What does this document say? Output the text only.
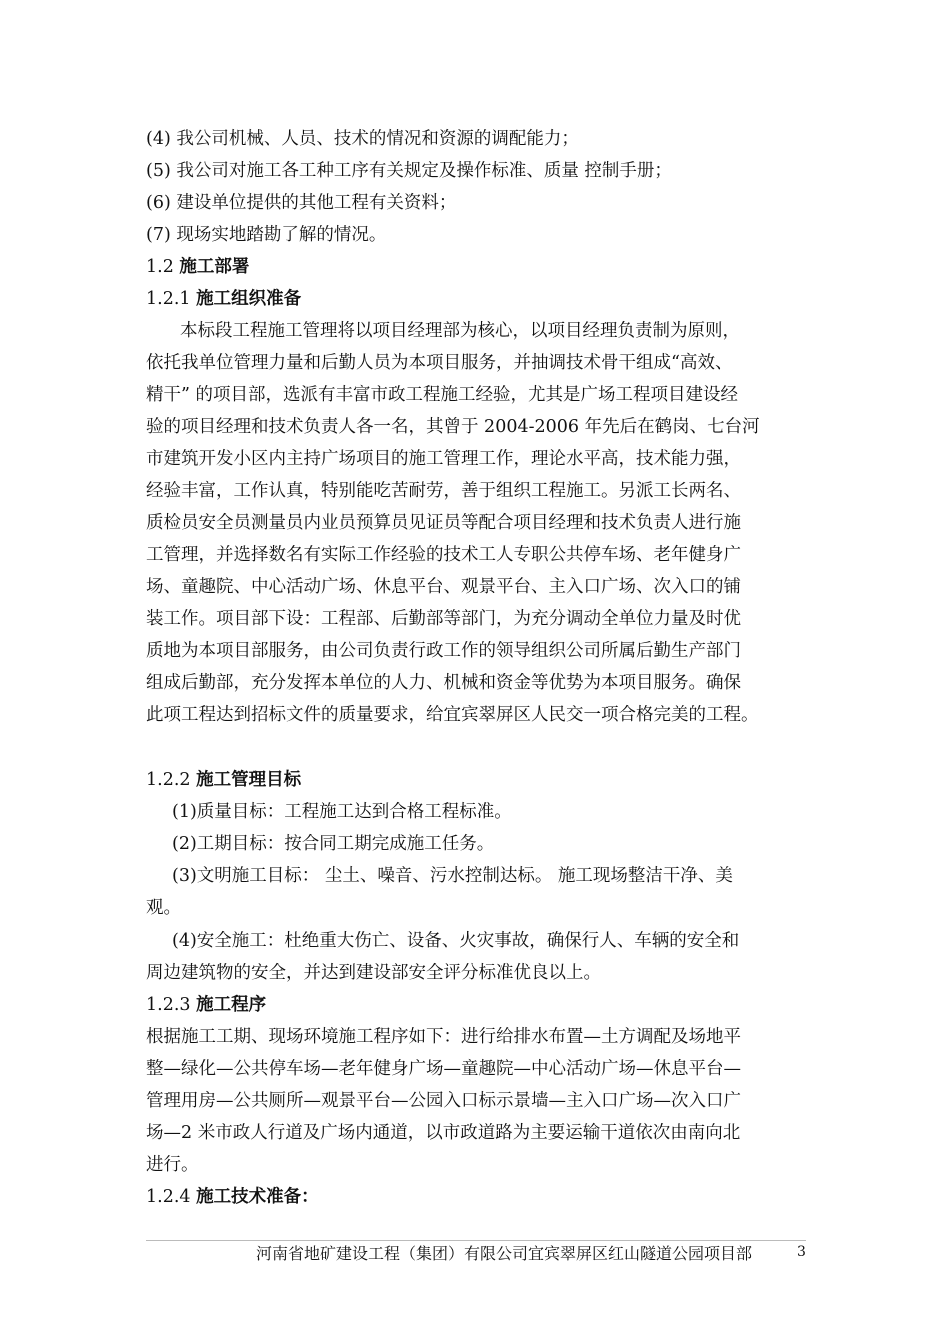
(4) 我公司机械、人员、技术的情况和资源的调配能力；
(5) 我公司对施工各工种工序有关规定及操作标准、质量 控制手册；
(6) 建设单位提供的其他工程有关资料；
(7) 现场实地踏勘了解的情况。
1.2 施工部署
1.2.1 施工组织准备
本标段工程施工管理将以项目经理部为核心，以项目经理负责制为原则，
依托我单位管理力量和后勤人员为本项目服务，并抽调技术骨干组成“高效、
精干” 的项目部，选派有丰富市政工程施工经验，尤其是广场工程项目建设经
验的项目经理和技术负责人各一名，其曾于 2004-2006 年先后在鹤岗、七台河
市建筑开发小区内主持广场项目的施工管理工作，理论水平高，技术能力强，
经验丰富，工作认真，特别能吃苦耐劳，善于组织工程施工。另派工长两名、
质检员安全员测量员内业员预算员见证员等配合项目经理和技术负责人进行施
工管理，并选择数名有实际工作经验的技术工人专职公共停车场、老年健身广
场、童趣院、中心活动广场、休息平台、观景平台、主入口广场、次入口的铺
装工作。项目部下设：工程部、后勤部等部门，为充分调动全单位力量及时优
质地为本项目部服务，由公司负责行政工作的领导组织公司所属后勤生产部门
组成后勤部，充分发挥本单位的人力、机械和资金等优势为本项目服务。确保
此项工程达到招标文件的质量要求，给宜宾翠屏区人民交一项合格完美的工程。
1.2.2 施工管理目标
(1)质量目标：工程施工达到合格工程标准。
(2)工期目标：按合同工期完成施工任务。
(3)文明施工目标： 尘土、噪音、污水控制达标。 施工现场整洁干净、美
观。
(4)安全施工：杜绝重大伤亡、设备、火灾事故，确保行人、车辆的安全和
周边建筑物的安全，并达到建设部安全评分标准优良以上。
1.2.3 施工程序
根据施工工期、现场环境施工程序如下：进行给排水布置—土方调配及场地平
整—绿化—公共停车场—老年健身广场—童趣院—中心活动广场—休息平台—
管理用房—公共厕所—观景平台—公园入口标示景墙—主入口广场—次入口广
场—2 米市政人行道及广场内通道，以市政道路为主要运输干道依次由南向北
进行。
1.2.4 施工技术准备：
河南省地矿建设工程（集团）有限公司宜宾翠屏区红山隧道公园项目部	3
